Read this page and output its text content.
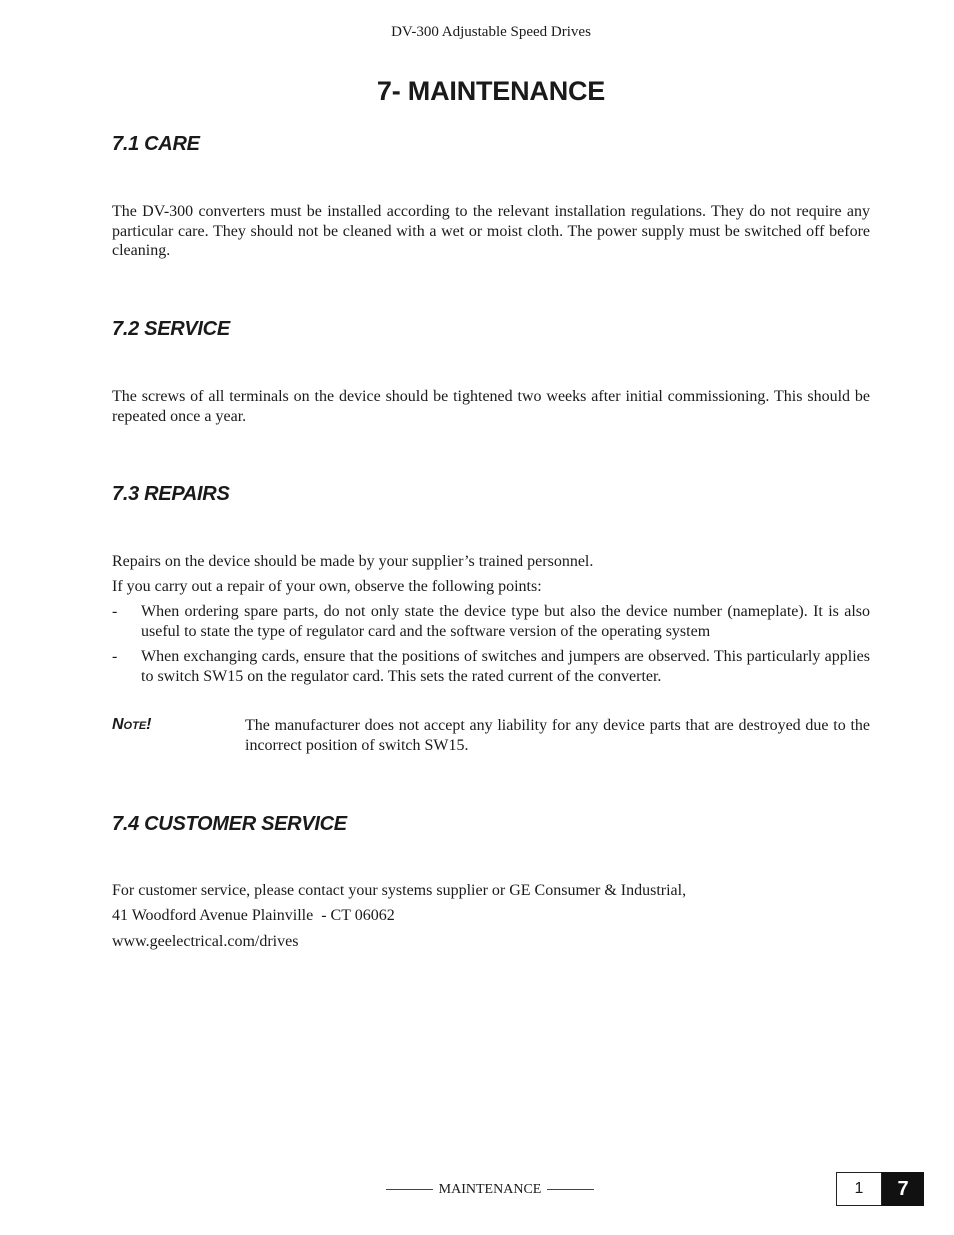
DV-300 Adjustable Speed Drives
7- MAINTENANCE
7.1 CARE
The DV-300 converters must be installed according to the relevant installation regulations. They do not require any particular care. They should not be cleaned with a wet or moist cloth. The power supply must be switched off before cleaning.
7.2 SERVICE
The screws of all terminals on the device should be tightened two weeks after initial commissioning. This should be repeated once a year.
7.3 REPAIRS
Repairs on the device should be made by your supplier’s trained personnel.
If you carry out a repair of your own, observe the following points:
- When ordering spare parts, do not only state the device type but also the device number (nameplate). It is also useful to state the type of regulator card and the software version of the operating system
- When exchanging cards, ensure that the positions of switches and jumpers are observed. This particularly applies to switch SW15 on the regulator card. This sets the rated current of the converter.
Note!	The manufacturer does not accept any liability for any device parts that are destroyed due to the incorrect position of switch SW15.
7.4 CUSTOMER SERVICE
For customer service, please contact your systems supplier or GE Consumer & Industrial,
41 Woodford Avenue Plainville  - CT 06062
www.geelectrical.com/drives
MAINTENANCE	1	7
